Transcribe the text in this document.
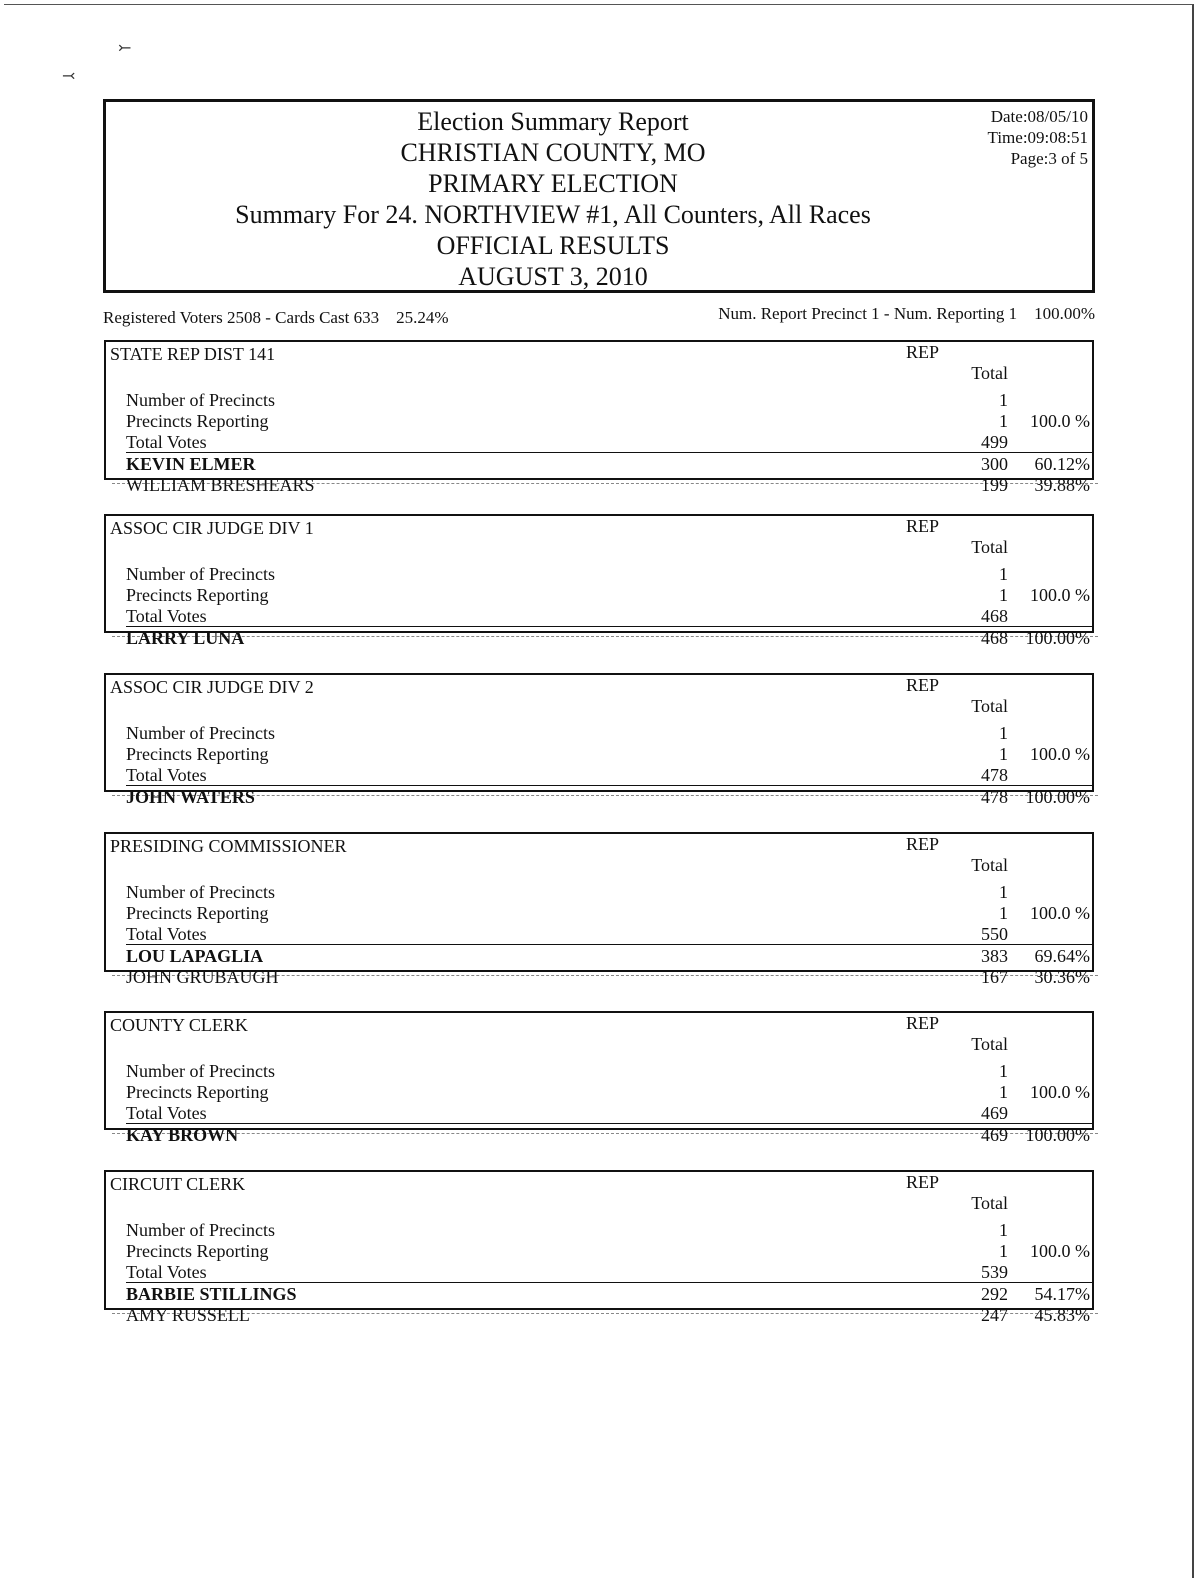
⤚
⤙
Election Summary Report
CHRISTIAN COUNTY, MO
PRIMARY ELECTION
Summary For 24. NORTHVIEW #1, All Counters, All Races
OFFICIAL RESULTS
AUGUST 3, 2010
Date:08/05/10
Time:09:08:51
Page:3 of 5
Registered Voters 2508 - Cards Cast 633    25.24%	Num. Report Precinct 1 - Num. Reporting 1    100.00%
STATE REP DIST 141	REP
Total
Number of Precincts	1
Precincts Reporting	1 100.0 %
Total Votes	499
KEVIN ELMER	300 60.12%
WILLIAM BRESHEARS	199 39.88%
ASSOC CIR JUDGE DIV 1	REP
Total
Number of Precincts	1
Precincts Reporting	1 100.0 %
Total Votes	468
LARRY LUNA	468 100.00%
ASSOC CIR JUDGE DIV 2	REP
Total
Number of Precincts	1
Precincts Reporting	1 100.0 %
Total Votes	478
JOHN WATERS	478 100.00%
PRESIDING COMMISSIONER	REP
Total
Number of Precincts	1
Precincts Reporting	1 100.0 %
Total Votes	550
LOU LAPAGLIA	383 69.64%
JOHN GRUBAUGH	167 30.36%
COUNTY CLERK	REP
Total
Number of Precincts	1
Precincts Reporting	1 100.0 %
Total Votes	469
KAY BROWN	469 100.00%
CIRCUIT CLERK	REP
Total
Number of Precincts	1
Precincts Reporting	1 100.0 %
Total Votes	539
BARBIE STILLINGS	292 54.17%
AMY RUSSELL	247 45.83%
